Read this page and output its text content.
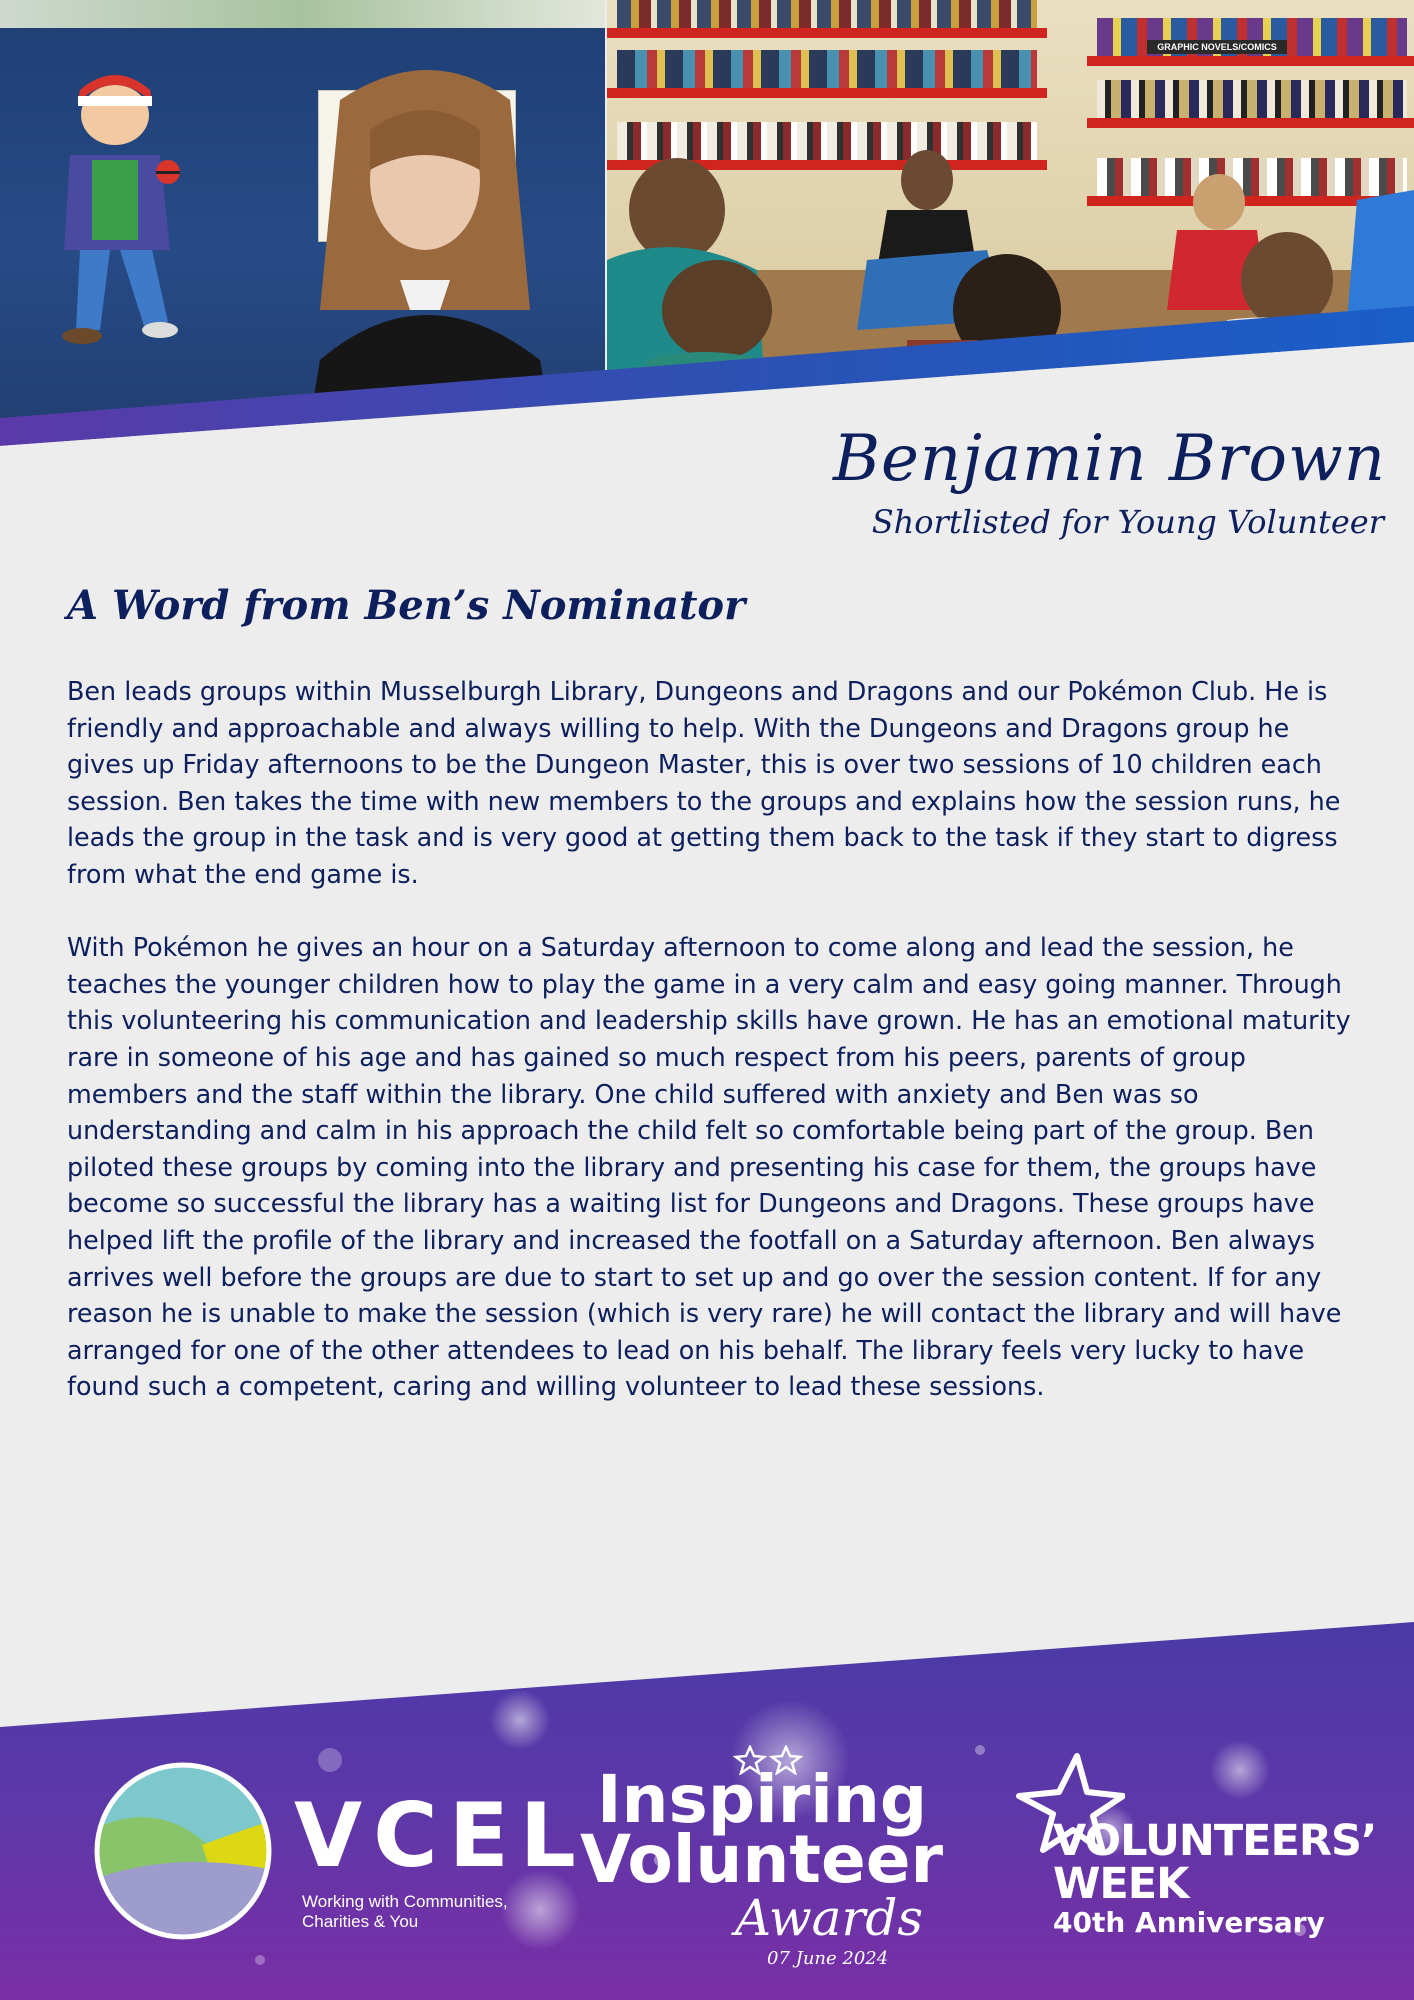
GRAPHIC NOVELS/COMICS
Benjamin Brown
Shortlisted for Young Volunteer
A Word from Ben’s Nominator

Ben leads groups within Musselburgh Library, Dungeons and Dragons and our Pokémon Club. He is friendly and approachable and always willing to help. With the Dungeons and Dragons group he gives up Friday afternoons to be the Dungeon Master, this is over two sessions of 10 children each session. Ben takes the time with new members to the groups and explains how the session runs, he leads the group in the task and is very good at getting them back to the task if they start to digress from what the end game is.

With Pokémon he gives an hour on a Saturday afternoon to come along and lead the session, he teaches the younger children how to play the game in a very calm and easy going manner. Through this volunteering his communication and leadership skills have grown. He has an emotional maturity rare in someone of his age and has gained so much respect from his peers, parents of group members and the staff within the library. One child suffered with anxiety and Ben was so understanding and calm in his approach the child felt so comfortable being part of the group. Ben piloted these groups by coming into the library and presenting his case for them, the groups have become so successful the library has a waiting list for Dungeons and Dragons. These groups have helped lift the profile of the library and increased the footfall on a Saturday afternoon. Ben always arrives well before the groups are due to start to set up and go over the session content. If for any reason he is unable to make the session (which is very rare) he will contact the library and will have arranged for one of the other attendees to lead on his behalf. The library feels very lucky to have found such a competent, caring and willing volunteer to lead these sessions.

VCEL
Working with Communities,
Charities & You
Inspiring
Volunteer
Awards
07 June 2024
VOLUNTEERS’
WEEK
40th Anniversary
